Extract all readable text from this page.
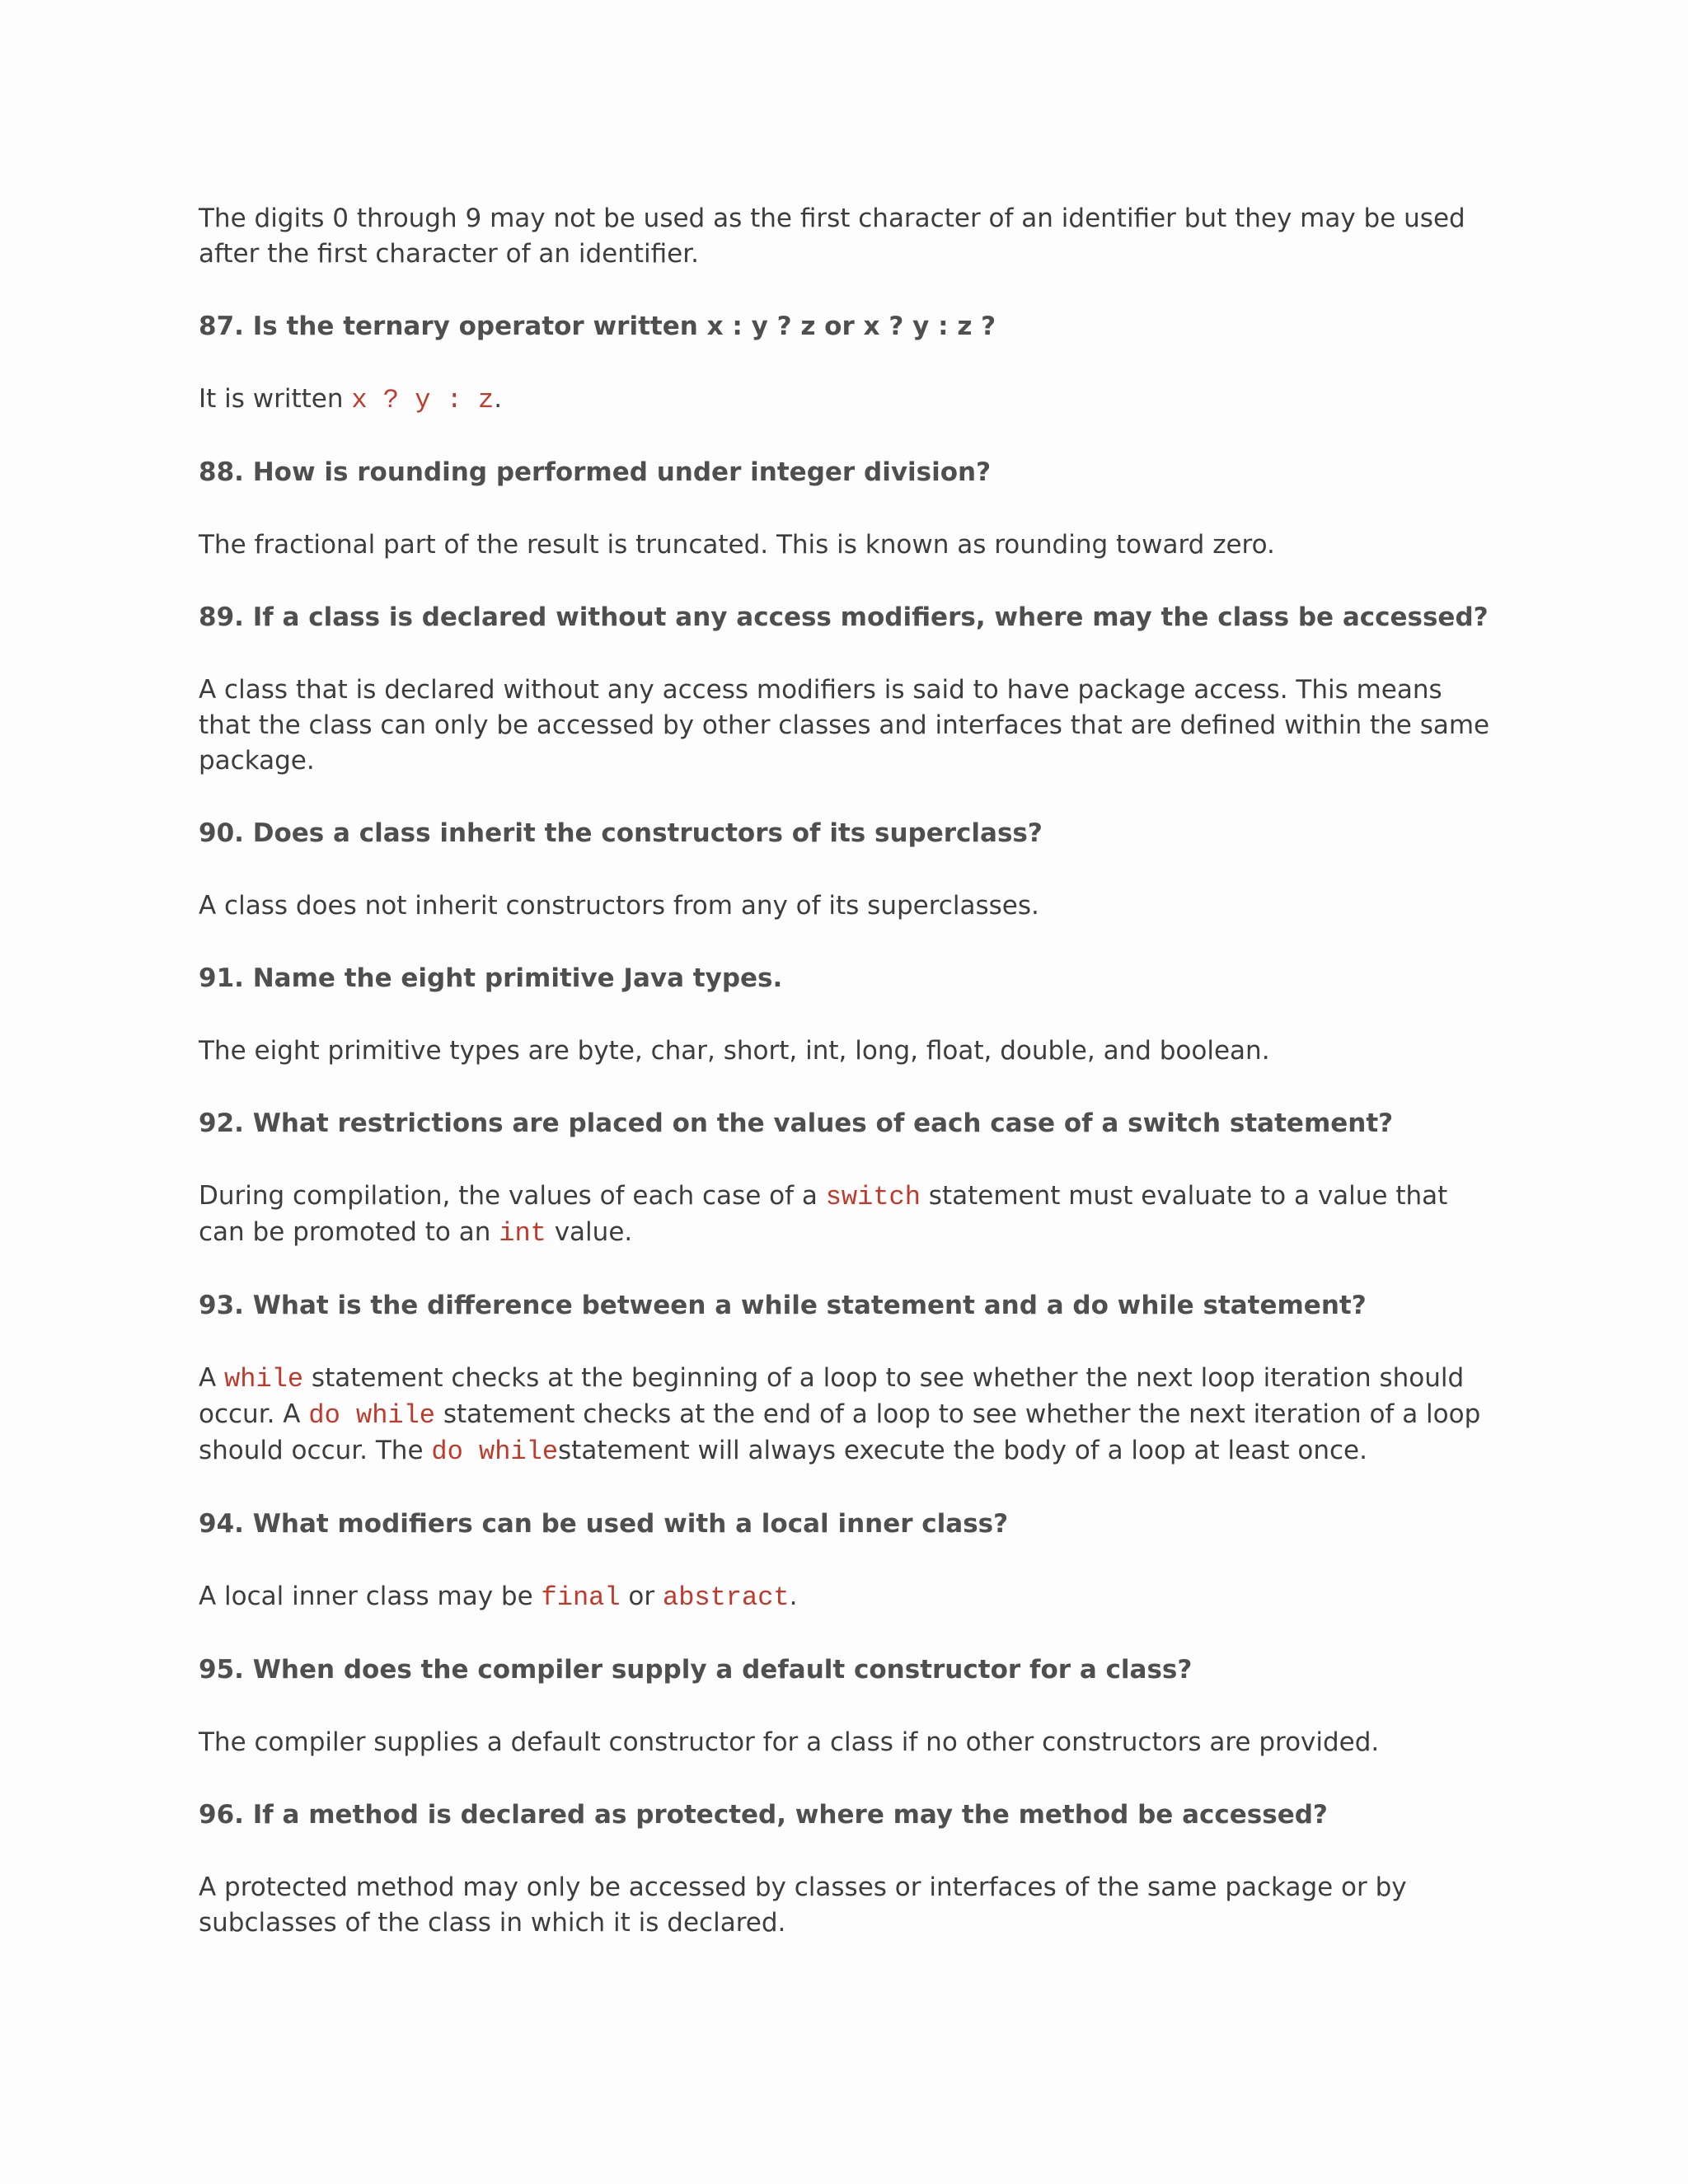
The digits 0 through 9 may not be used as the first character of an identifier but they may be used after the first character of an identifier.

87. Is the ternary operator written x : y ? z or x ? y : z ?

It is written x ? y : z.

88. How is rounding performed under integer division?

The fractional part of the result is truncated. This is known as rounding toward zero.

89. If a class is declared without any access modifiers, where may the class be accessed?

A class that is declared without any access modifiers is said to have package access. This means that the class can only be accessed by other classes and interfaces that are defined within the same package.

90. Does a class inherit the constructors of its superclass?

A class does not inherit constructors from any of its superclasses.

91. Name the eight primitive Java types.

The eight primitive types are byte, char, short, int, long, float, double, and boolean.

92. What restrictions are placed on the values of each case of a switch statement?

During compilation, the values of each case of a switch statement must evaluate to a value that can be promoted to an int value.

93. What is the difference between a while statement and a do while statement?

A while statement checks at the beginning of a loop to see whether the next loop iteration should occur. A do while statement checks at the end of a loop to see whether the next iteration of a loop should occur. The do whilestatement will always execute the body of a loop at least once.

94. What modifiers can be used with a local inner class?

A local inner class may be final or abstract.

95. When does the compiler supply a default constructor for a class?

The compiler supplies a default constructor for a class if no other constructors are provided.

96. If a method is declared as protected, where may the method be accessed?

A protected method may only be accessed by classes or interfaces of the same package or by subclasses of the class in which it is declared.
